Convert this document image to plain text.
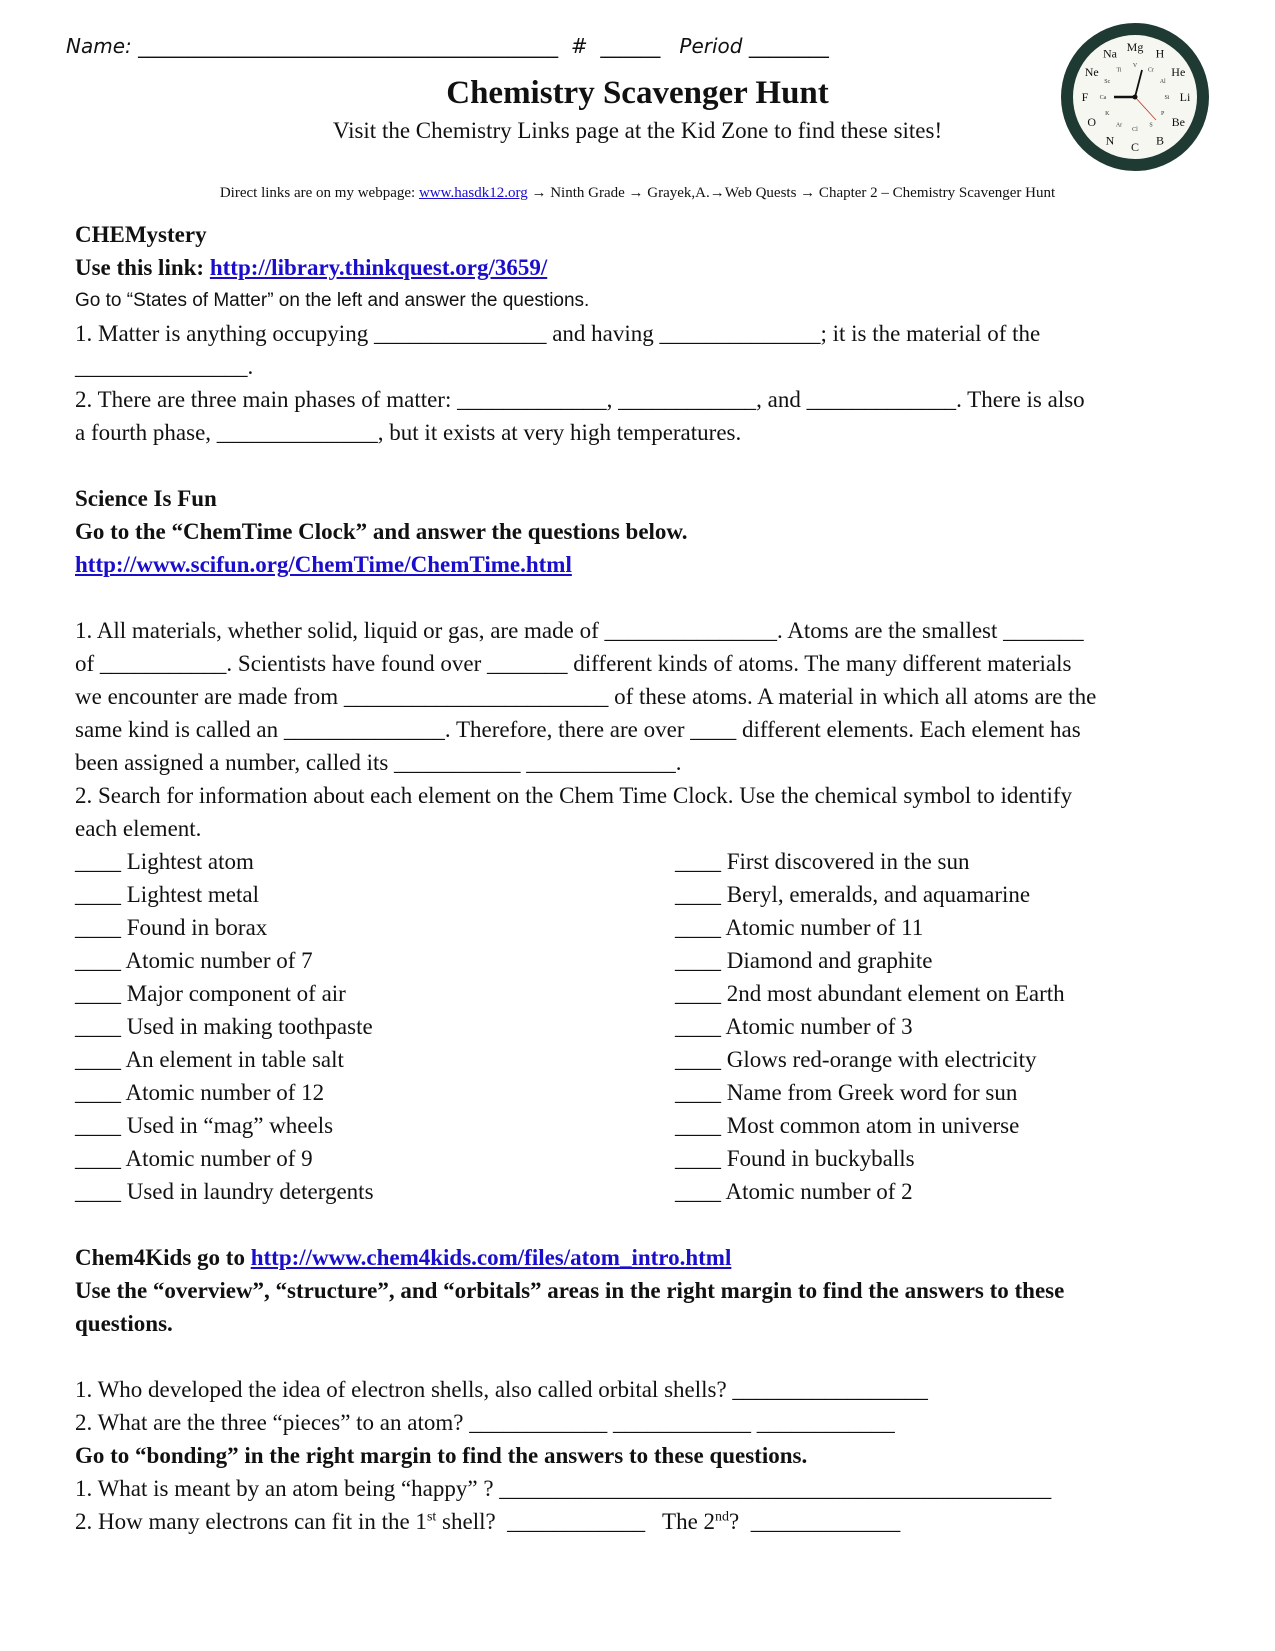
Name: __________________________________________ # ______ Period ________
Chemistry Scavenger Hunt
Visit the Chemistry Links page at the Kid Zone to find these sites!
Direct links are on my webpage: www.hasdk12.org → Ninth Grade → Grayek,A.→Web Quests → Chapter 2 – Chemistry Scavenger Hunt
H
He
Li
Be
B
C
N
O
F
Ne
Na Mg
Cr
Al
Si
P
S
Cl
Ar
K
Ca
Sc
Ti
V
CHEMystery
Use this link: http://library.thinkquest.org/3659/
Go to “States of Matter” on the left and answer the questions.
1. Matter is anything occupying _______________ and having ______________; it is the material of the
_______________.
2. There are three main phases of matter: _____________, ____________, and _____________. There is also
a fourth phase, ______________, but it exists at very high temperatures.
Science Is Fun
Go to the “ChemTime Clock” and answer the questions below.
http://www.scifun.org/ChemTime/ChemTime.html
1. All materials, whether solid, liquid or gas, are made of _______________. Atoms are the smallest _______
of ___________. Scientists have found over _______ different kinds of atoms. The many different materials
we encounter are made from _______________________ of these atoms. A material in which all atoms are the
same kind is called an ______________. Therefore, there are over ____ different elements. Each element has
been assigned a number, called its ___________ _____________.
2. Search for information about each element on the Chem Time Clock. Use the chemical symbol to identify
each element.
____ Lightest atom
____ Lightest metal
____ Found in borax
____ Atomic number of 7
____ Major component of air
____ Used in making toothpaste
____ An element in table salt
____ Atomic number of 12
____ Used in “mag” wheels
____ Atomic number of 9
____ Used in laundry detergents
____ First discovered in the sun
____ Beryl, emeralds, and aquamarine
____ Atomic number of 11
____ Diamond and graphite
____ 2nd most abundant element on Earth
____ Atomic number of 3
____ Glows red-orange with electricity
____ Name from Greek word for sun
____ Most common atom in universe
____ Found in buckyballs
____ Atomic number of 2
Chem4Kids go to http://www.chem4kids.com/files/atom_intro.html
Use the “overview”, “structure”, and “orbitals” areas in the right margin to find the answers to these
questions.
1. Who developed the idea of electron shells, also called orbital shells? _________________
2. What are the three “pieces” to an atom? ____________ ____________ ____________
Go to “bonding” in the right margin to find the answers to these questions.
1. What is meant by an atom being “happy” ? ________________________________________________
2. How many electrons can fit in the 1st shell?  ____________   The 2nd?  _____________
